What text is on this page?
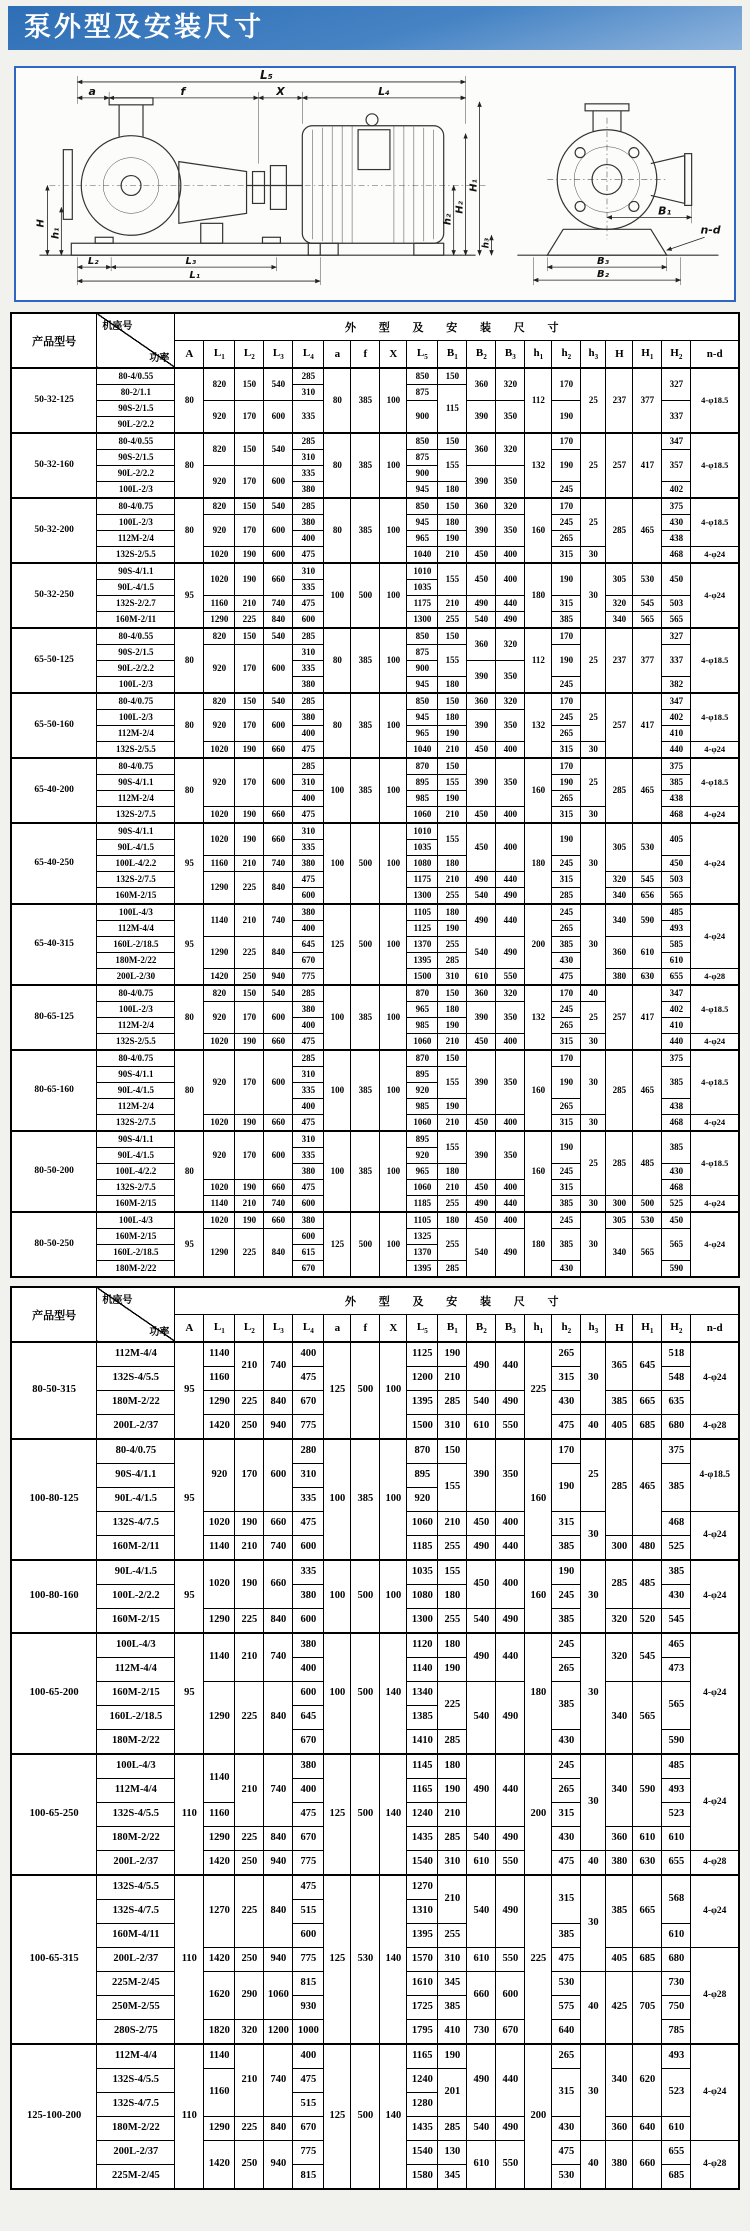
泵外型及安装尺寸
L₅
a	f	X	L₄
H
h₁
h₂
H₂
H₁
h₃
L₂	L₃
L₁
B₁
n-d
B₃
B₂
产品型号	机座号
功率	外 型 及 安 装 尺 寸																		
		A	$L_1$	$L_2$	$L_3$	$L_4$	a	f	X	$L_5$	$B_1$	$B_2$	$B_3$	$h_1$	$h_2$	$h_3$	H	$H_1$	$H_2$	n-d
50-32-125	80-4/0.55	80	820	150	540	285	80	385	100	850	150	360	320	112	170	25	237	377	327	4-φ18.5
	80-2/1.1					310				875	115									
	90S-2/1.5		920	170	600	335				900		390	350		190				337	
	90L-2/2.2																			
50-32-160	80-4/0.55	80	820	150	540	285	80	385	100	850	150	360	320	132	170	25	257	417	347	4-φ18.5
	90S-2/1.5					310				875	155				190				357	
	90L-2/2.2		920	170	600	335				900		390	350							
	100L-2/3					380				945	180				245				402	
50-32-200	80-4/0.75	80	820	150	540	285	80	385	100	850	150	360	320	160	170	25	285	465	375	4-φ18.5
	100L-2/3		920	170	600	380				945	180	390	350		245				430	
	112M-2/4					400				965	190				265				438	
	132S-2/5.5		1020	190	600	475				1040	210	450	400		315	30			468	4-φ24
50-32-250	90S-4/1.1	95	1020	190	660	310	100	500	100	1010	155	450	400	180	190	30	305	530	450	4-φ24
	90L-4/1.5					335				1035										
	132S-2/2.7		1160	210	740	475				1175	210	490	440		315		320	545	503	
	160M-2/11		1290	225	840	600				1300	255	540	490		385		340	565	565	
65-50-125	80-4/0.55	80	820	150	540	285	80	385	100	850	150	360	320	112	170	25	237	377	327	4-φ18.5
	90S-2/1.5		920	170	600	310				875	155				190				337	
	90L-2/2.2					335				900		390	350							
	100L-2/3					380				945	180				245				382	
65-50-160	80-4/0.75	80	820	150	540	285	80	385	100	850	150	360	320	132	170	25	257	417	347	4-φ18.5
	100L-2/3		920	170	600	380				945	180	390	350		245				402	
	112M-2/4					400				965	190				265				410	
	132S-2/5.5		1020	190	660	475				1040	210	450	400		315	30			440	4-φ24
65-40-200	80-4/0.75	80	920	170	600	285	100	385	100	870	150	390	350	160	170	25	285	465	375	4-φ18.5
	90S-4/1.1					310				895	155				190				385	
	112M-2/4					400				985	190				265				438	
	132S-2/7.5		1020	190	660	475				1060	210	450	400		315	30			468	4-φ24
65-40-250	90S-4/1.1	95	1020	190	660	310	100	500	100	1010	155	450	400	180	190	30	305	530	405	4-φ24
	90L-4/1.5					335				1035										
	100L-4/2.2		1160	210	740	380				1080	180				245				450	
	132S-2/7.5		1290	225	840	475				1175	210	490	440		315		320	545	503	
	160M-2/15					600				1300	255	540	490		285		340	656	565	
65-40-315	100L-4/3	95	1140	210	740	380	125	500	100	1105	180	490	440	200	245	30	340	590	485	4-φ24
	112M-4/4					400				1125	190				265				493	
	160L-2/18.5		1290	225	840	645				1370	255	540	490		385		360	610	585	
	180M-2/22					670				1395	285				430				610	
	200L-2/30		1420	250	940	775				1500	310	610	550		475		380	630	655	4-φ28
80-65-125	80-4/0.75	80	820	150	540	285	100	385	100	870	150	360	320	132	170	40	257	417	347	4-φ18.5
	100L-2/3		920	170	600	380				965	180	390	350		245	25			402	
	112M-2/4					400				985	190				265				410	
	132S-2/5.5		1020	190	660	475				1060	210	450	400		315	30			440	4-φ24
80-65-160	80-4/0.75	80	920	170	600	285	100	385	100	870	150	390	350	160	170	30	285	465	375	4-φ18.5
	90S-4/1.1					310				895	155				190				385	
	90L-4/1.5					335				920										
	112M-2/4					400				985	190				265				438	
	132S-2/7.5		1020	190	660	475				1060	210	450	400		315	30			468	4-φ24
80-50-200	90S-4/1.1	80	920	170	600	310	100	385	100	895	155	390	350	160	190	25	285	485	385	4-φ18.5
	90L-4/1.5					335				920										
	100L-4/2.2					380				965	180				245				430	
	132S-2/7.5		1020	190	660	475				1060	210	450	400		315				468	
	160M-2/15		1140	210	740	600				1185	255	490	440		385	30	300	500	525	4-φ24
80-50-250	100L-4/3	95	1020	190	660	380	125	500	100	1105	180	450	400	180	245	30	305	530	450	4-φ24
	160M-2/15		1290	225	840	600				1325	255	540	490		385		340	565	565	
	160L-2/18.5					615				1370										
	180M-2/22					670				1395	285				430				590	
产品型号	机座号
功率	外 型 及 安 装 尺 寸																		
		A	$L_1$	$L_2$	$L_3$	$L_4$	a	f	X	$L_5$	$B_1$	$B_2$	$B_3$	$h_1$	$h_2$	$h_3$	H	$H_1$	$H_2$	n-d
80-50-315	112M-4/4	95	1140	210	740	400	125	500	100	1125	190	490	440	225	265	30	365	645	518	4-φ24
	132S-4/5.5		1160			475				1200	210				315				548	
	180M-2/22		1290	225	840	670				1395	285	540	490		430		385	665	635	
	200L-2/37		1420	250	940	775				1500	310	610	550		475	40	405	685	680	4-φ28
100-80-125	80-4/0.75	95	920	170	600	280	100	385	100	870	150	390	350	160	170	25	285	465	375	4-φ18.5
	90S-4/1.1					310				895	155				190				385	
	90L-4/1.5					335				920										
	132S-4/7.5		1020	190	660	475				1060	210	450	400		315	30			468	4-φ24
	160M-2/11		1140	210	740	600				1185	255	490	440		385		300	480	525	
100-80-160	90L-4/1.5	95	1020	190	660	335	100	500	100	1035	155	450	400	160	190	30	285	485	385	4-φ24
	100L-2/2.2					380				1080	180				245				430	
	160M-2/15		1290	225	840	600				1300	255	540	490		385		320	520	545	
100-65-200	100L-4/3	95	1140	210	740	380	100	500	140	1120	180	490	440	180	245	30	320	545	465	4-φ24
	112M-4/4					400				1140	190				265				473	
	160M-2/15		1290	225	840	600				1340	225	540	490		385		340	565	565	
	160L-2/18.5					645				1385										
	180M-2/22					670				1410	285				430				590	
100-65-250	100L-4/3	110	1140	210	740	380	125	500	140	1145	180	490	440	200	245	30	340	590	485	4-φ24
	112M-4/4					400				1165	190				265				493	
	132S-4/5.5		1160			475				1240	210				315				523	
	180M-2/22		1290	225	840	670				1435	285	540	490		430		360	610	610	
	200L-2/37		1420	250	940	775				1540	310	610	550		475	40	380	630	655	4-φ28
100-65-315	132S-4/5.5	110	1270	225	840	475	125	530	140	1270	210	540	490	225	315	30	385	665	568	4-φ24
	132S-4/7.5					515				1310										
	160M-4/11					600				1395	255				385				610	
	200L-2/37		1420	250	940	775				1570	310	610	550		475		405	685	680	4-φ28
	225M-2/45		1620	290	1060	815				1610	345	660	600		530	40	425	705	730	
	250M-2/55					930				1725	385				575				750	
	280S-2/75		1820	320	1200	1000				1795	410	730	670		640				785	
125-100-200	112M-4/4	110	1140	210	740	400	125	500	140	1165	190	490	440	200	265	30	340	620	493	4-φ24
	132S-4/5.5		1160			475				1240	201				315				523	
	132S-4/7.5					515				1280										
	180M-2/22		1290	225	840	670				1435	285	540	490		430		360	640	610	
	200L-2/37		1420	250	940	775				1540	130	610	550		475	40	380	660	655	4-φ28
	225M-2/45					815				1580	345				530				685	
